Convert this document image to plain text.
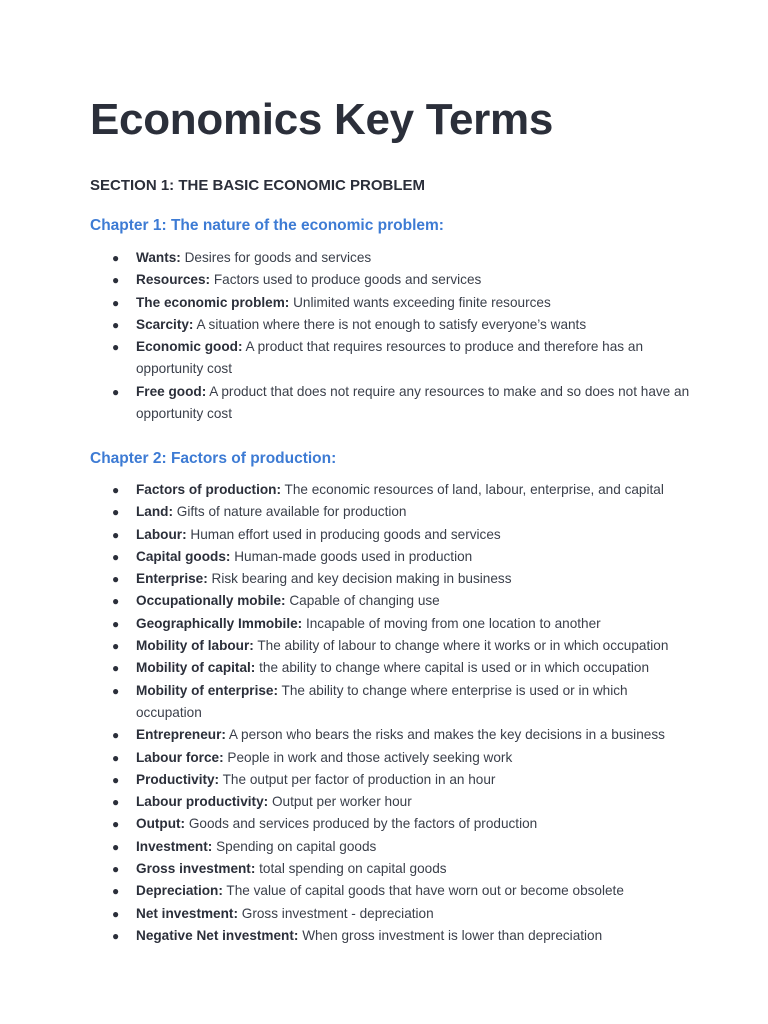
Economics Key Terms
SECTION 1: THE BASIC ECONOMIC PROBLEM
Chapter 1: The nature of the economic problem:
● Wants: Desires for goods and services
● Resources: Factors used to produce goods and services
● The economic problem: Unlimited wants exceeding finite resources
● Scarcity: A situation where there is not enough to satisfy everyone’s wants
● Economic good: A product that requires resources to produce and therefore has an opportunity cost
● Free good: A product that does not require any resources to make and so does not have an opportunity cost
Chapter 2: Factors of production:
● Factors of production: The economic resources of land, labour, enterprise, and capital
● Land: Gifts of nature available for production
● Labour: Human effort used in producing goods and services
● Capital goods: Human-made goods used in production
● Enterprise: Risk bearing and key decision making in business
● Occupationally mobile: Capable of changing use
● Geographically Immobile: Incapable of moving from one location to another
● Mobility of labour: The ability of labour to change where it works or in which occupation
● Mobility of capital: the ability to change where capital is used or in which occupation
● Mobility of enterprise: The ability to change where enterprise is used or in which occupation
● Entrepreneur: A person who bears the risks and makes the key decisions in a business
● Labour force: People in work and those actively seeking work
● Productivity: The output per factor of production in an hour
● Labour productivity: Output per worker hour
● Output: Goods and services produced by the factors of production
● Investment: Spending on capital goods
● Gross investment: total spending on capital goods
● Depreciation: The value of capital goods that have worn out or become obsolete
● Net investment: Gross investment - depreciation
● Negative Net investment: When gross investment is lower than depreciation
